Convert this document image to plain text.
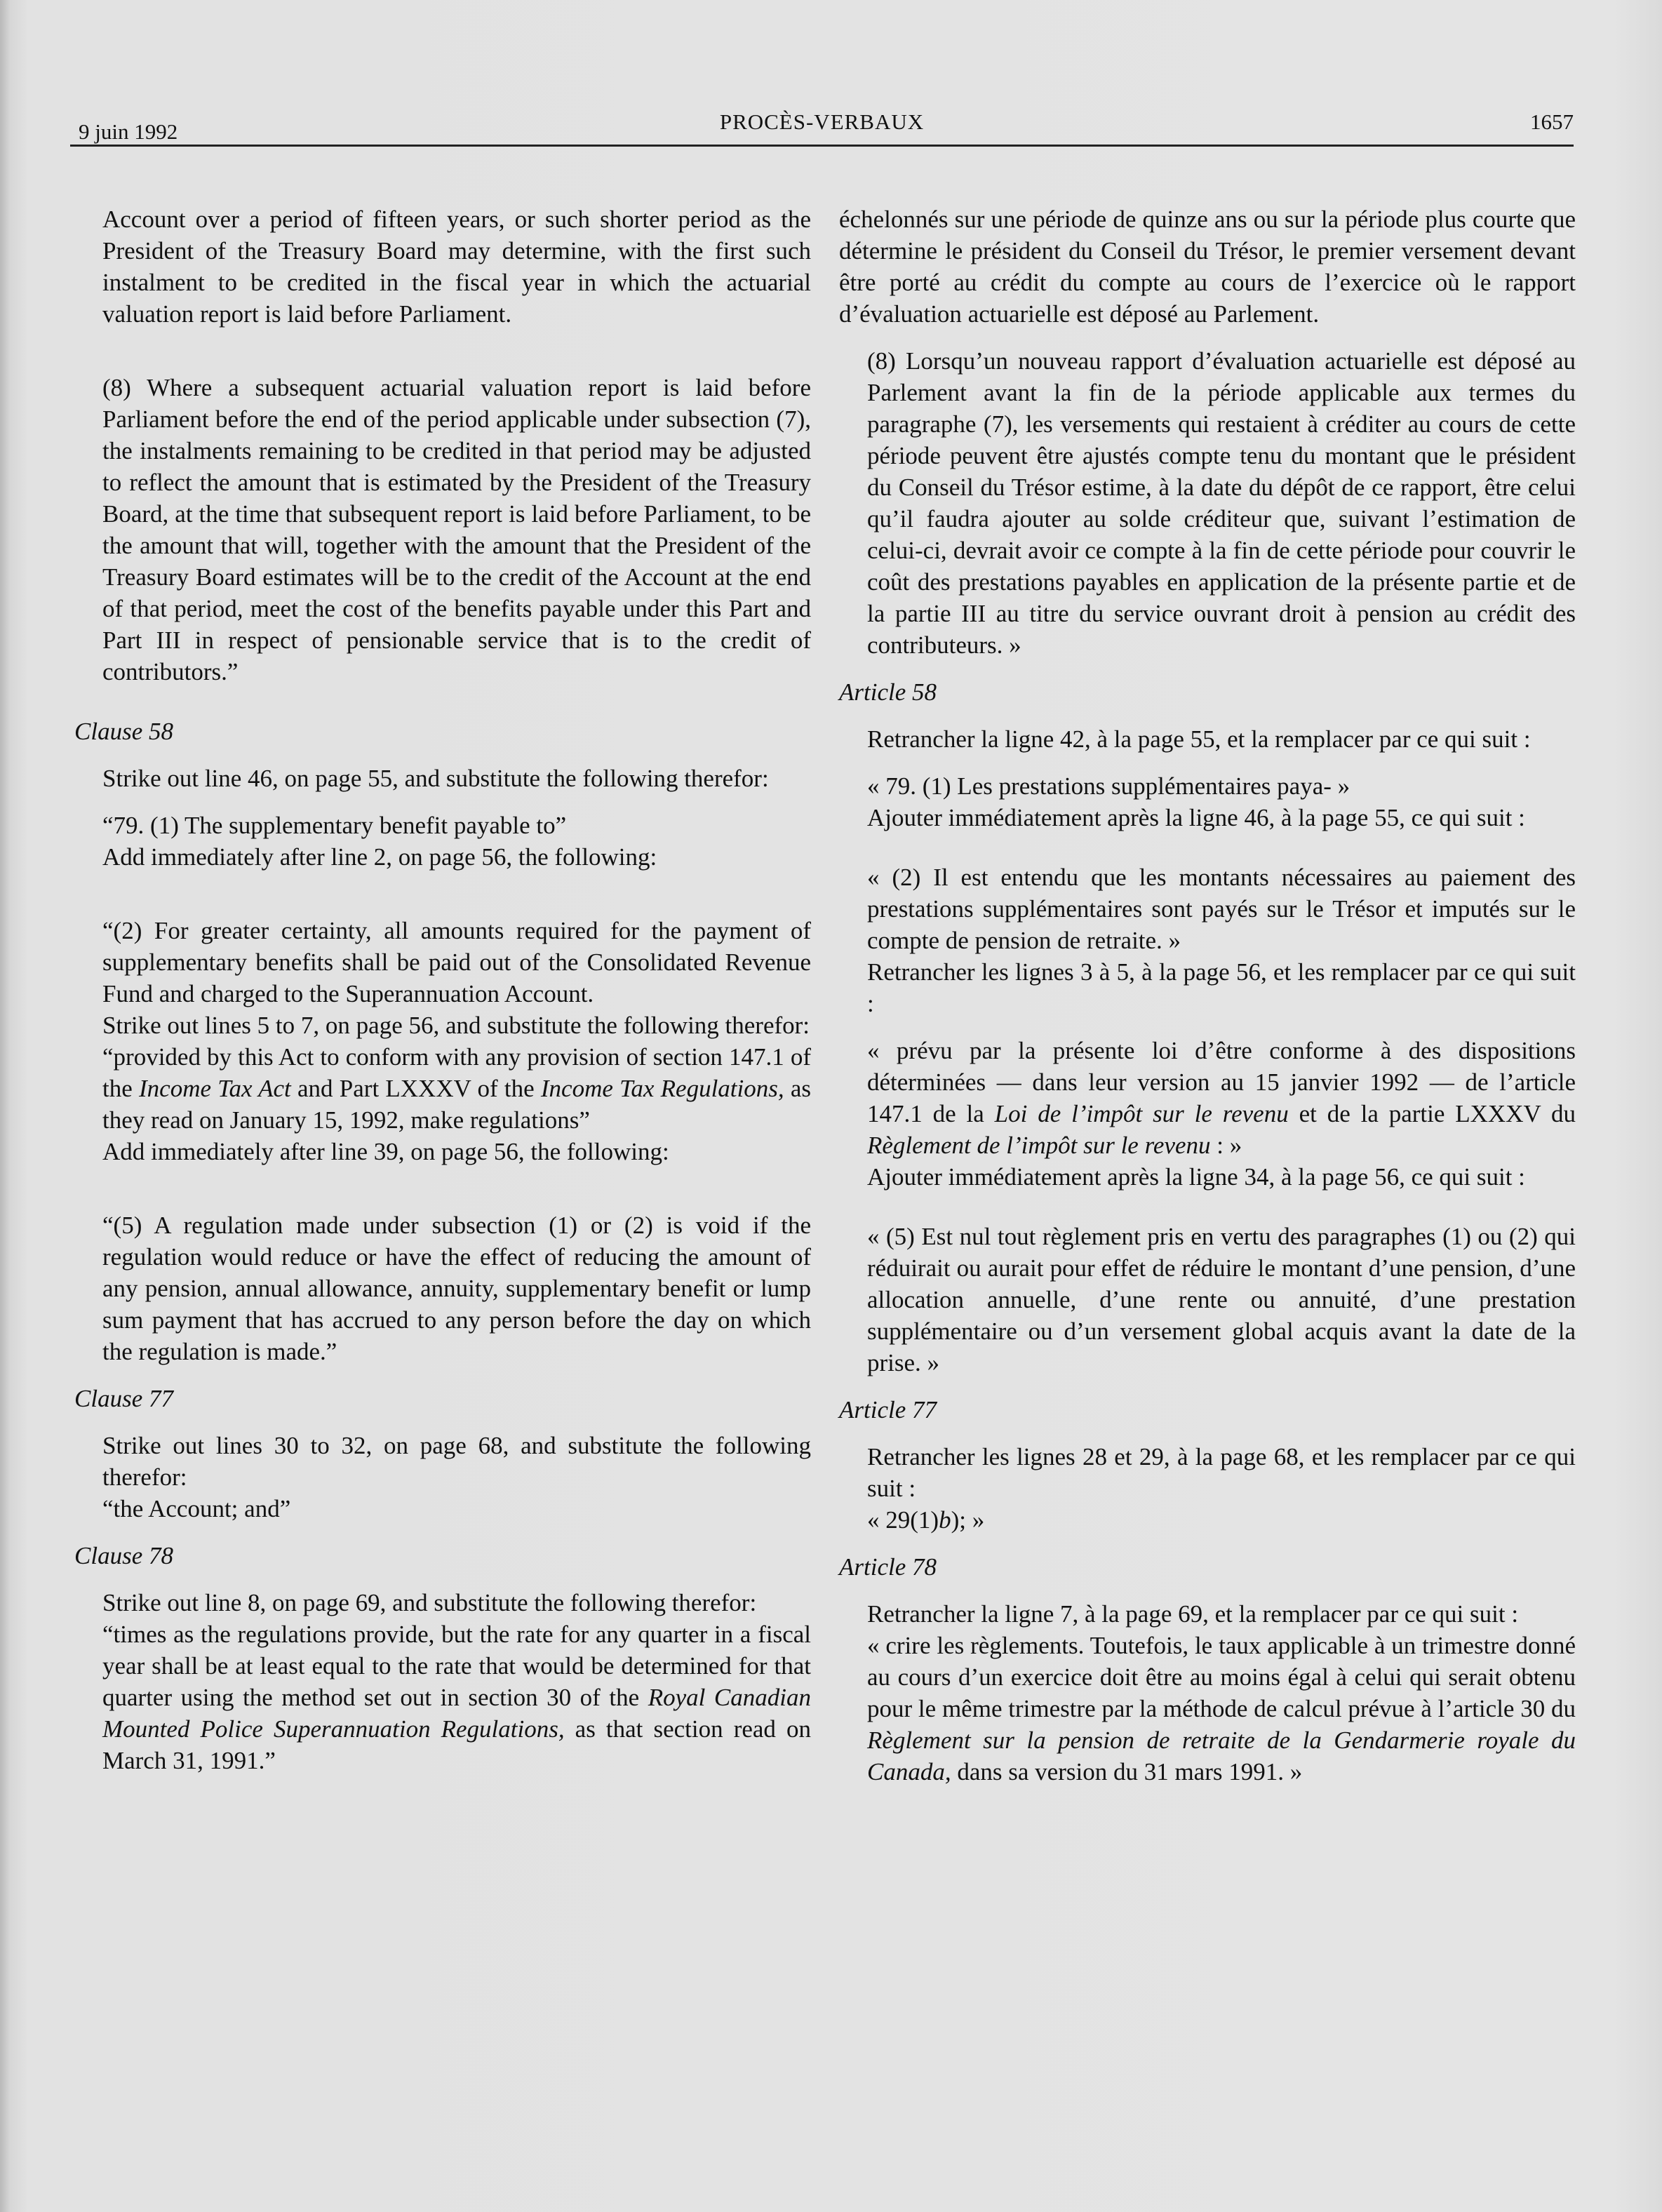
9 juin 1992	PROCÈS-VERBAUX	1657

Account over a period of fifteen years, or such shorter period as the President of the Treasury Board may determine, with the first such instalment to be credited in the fiscal year in which the actuarial valuation report is laid before Parliament.

(8) Where a subsequent actuarial valuation report is laid before Parliament before the end of the period applicable under subsection (7), the instalments remaining to be credited in that period may be adjusted to reflect the amount that is estimated by the President of the Treasury Board, at the time that subsequent report is laid before Parliament, to be the amount that will, together with the amount that the President of the Treasury Board estimates will be to the credit of the Account at the end of that period, meet the cost of the benefits payable under this Part and Part III in respect of pensionable service that is to the credit of contributors.”

Clause 58

Strike out line 46, on page 55, and substitute the following therefor:

“79. (1) The supplementary benefit payable to”

Add immediately after line 2, on page 56, the following:

“(2) For greater certainty, all amounts required for the payment of supplementary benefits shall be paid out of the Consolidated Revenue Fund and charged to the Superannuation Account.

Strike out lines 5 to 7, on page 56, and substitute the following therefor:

“provided by this Act to conform with any provision of section 147.1 of the Income Tax Act and Part LXXXV of the Income Tax Regulations, as they read on January 15, 1992, make regulations”

Add immediately after line 39, on page 56, the following:

“(5) A regulation made under subsection (1) or (2) is void if the regulation would reduce or have the effect of reducing the amount of any pension, annual allowance, annuity, supplementary benefit or lump sum payment that has accrued to any person before the day on which the regulation is made.”

Clause 77

Strike out lines 30 to 32, on page 68, and substitute the following therefor:

“the Account; and”

Clause 78

Strike out line 8, on page 69, and substitute the following therefor:

“times as the regulations provide, but the rate for any quarter in a fiscal year shall be at least equal to the rate that would be determined for that quarter using the method set out in section 30 of the Royal Canadian Mounted Police Superannuation Regulations, as that section read on March 31, 1991.”

échelonnés sur une période de quinze ans ou sur la période plus courte que détermine le président du Conseil du Trésor, le premier versement devant être porté au crédit du compte au cours de l’exercice où le rapport d’évaluation actuarielle est déposé au Parlement.

(8) Lorsqu’un nouveau rapport d’évaluation actuarielle est déposé au Parlement avant la fin de la période applicable aux termes du paragraphe (7), les versements qui restaient à créditer au cours de cette période peuvent être ajustés compte tenu du montant que le président du Conseil du Trésor estime, à la date du dépôt de ce rapport, être celui qu’il faudra ajouter au solde créditeur que, suivant l’estimation de celui-ci, devrait avoir ce compte à la fin de cette période pour couvrir le coût des prestations payables en application de la présente partie et de la partie III au titre du service ouvrant droit à pension au crédit des contributeurs. »

Article 58

Retrancher la ligne 42, à la page 55, et la remplacer par ce qui suit :

« 79. (1) Les prestations supplémentaires paya- »

Ajouter immédiatement après la ligne 46, à la page 55, ce qui suit :

« (2) Il est entendu que les montants nécessaires au paiement des prestations supplémentaires sont payés sur le Trésor et imputés sur le compte de pension de retraite. »

Retrancher les lignes 3 à 5, à la page 56, et les remplacer par ce qui suit :

« prévu par la présente loi d’être conforme à des dispositions déterminées — dans leur version au 15 janvier 1992 — de l’article 147.1 de la Loi de l’impôt sur le revenu et de la partie LXXXV du Règlement de l’impôt sur le revenu : »

Ajouter immédiatement après la ligne 34, à la page 56, ce qui suit :

« (5) Est nul tout règlement pris en vertu des paragraphes (1) ou (2) qui réduirait ou aurait pour effet de réduire le montant d’une pension, d’une allocation annuelle, d’une rente ou annuité, d’une prestation supplémentaire ou d’un versement global acquis avant la date de la prise. »

Article 77

Retrancher les lignes 28 et 29, à la page 68, et les remplacer par ce qui suit :

« 29(1)b); »

Article 78

Retrancher la ligne 7, à la page 69, et la remplacer par ce qui suit :

« crire les règlements. Toutefois, le taux applicable à un trimestre donné au cours d’un exercice doit être au moins égal à celui qui serait obtenu pour le même trimestre par la méthode de calcul prévue à l’article 30 du Règlement sur la pension de retraite de la Gendarmerie royale du Canada, dans sa version du 31 mars 1991. »
